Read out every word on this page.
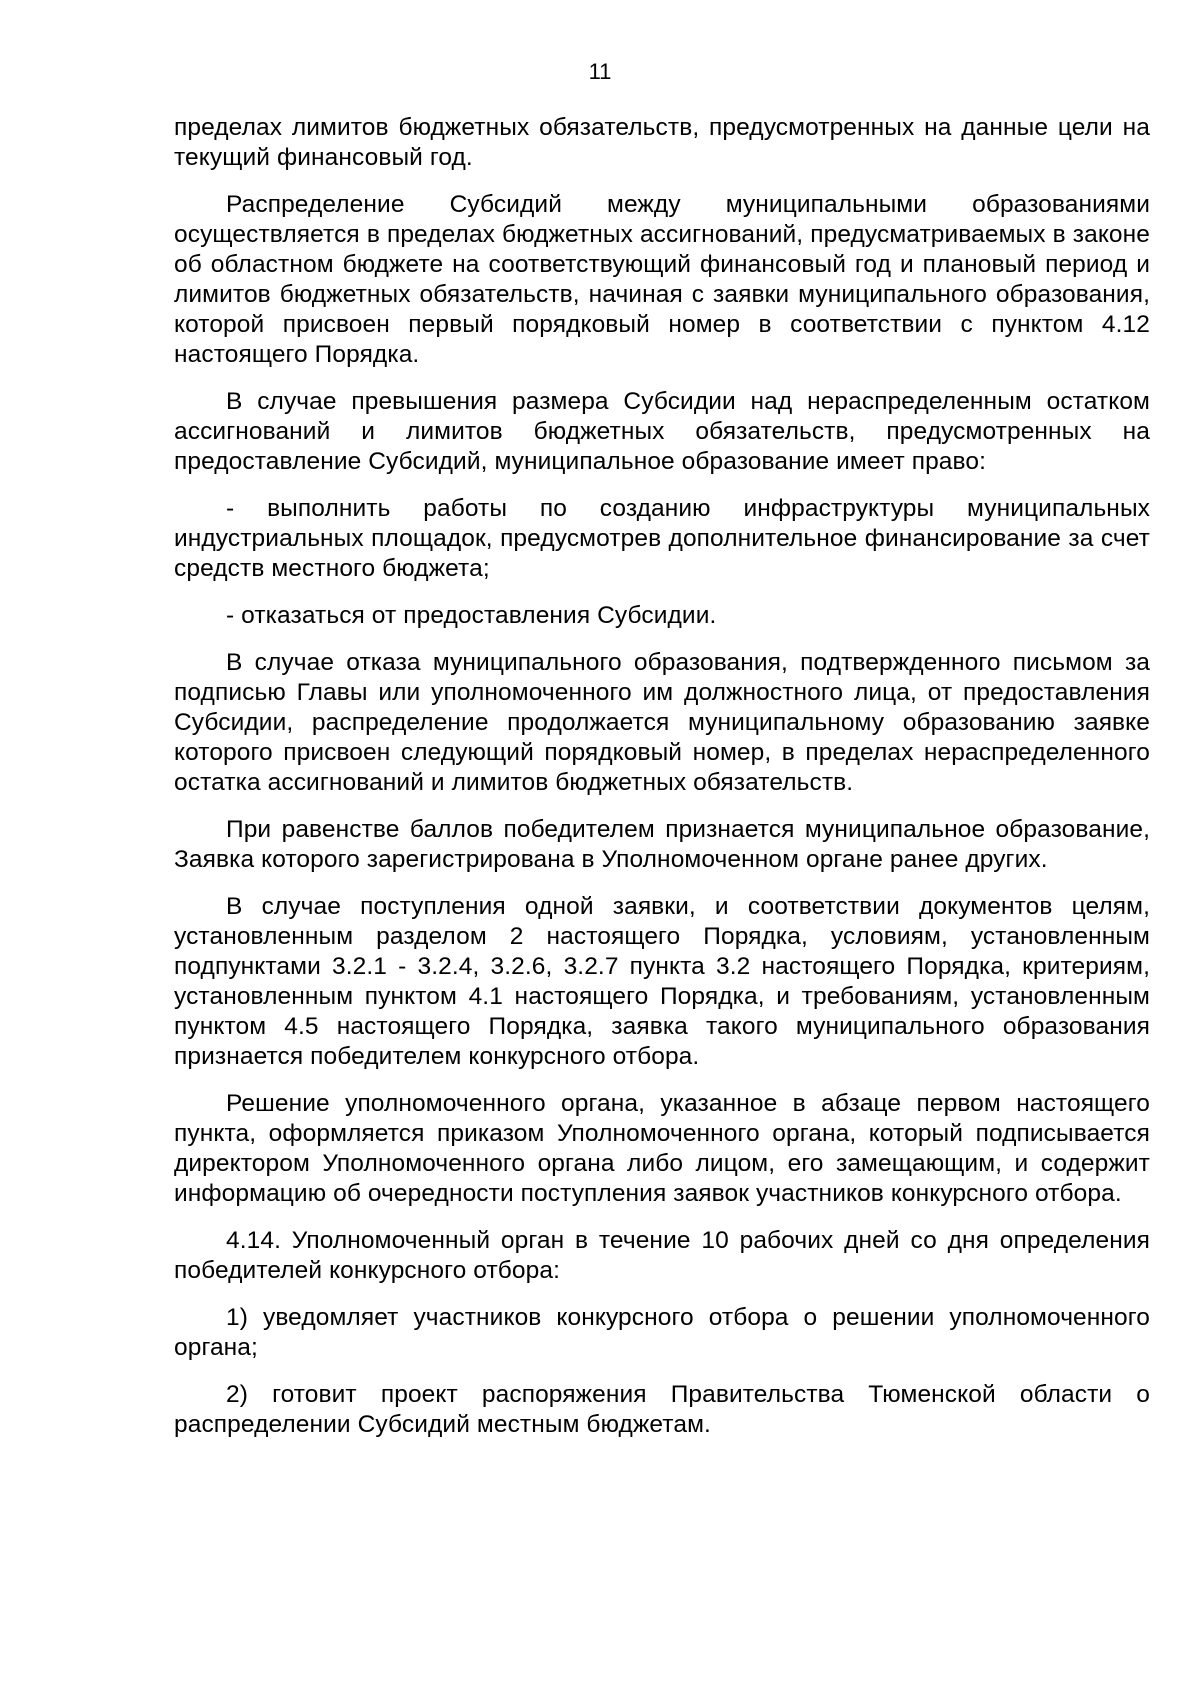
11

пределах лимитов бюджетных обязательств, предусмотренных на данные цели на текущий финансовый год.

Распределение Субсидий между муниципальными образованиями осуществляется в пределах бюджетных ассигнований, предусматриваемых в законе об областном бюджете на соответствующий финансовый год и плановый период и лимитов бюджетных обязательств, начиная с заявки муниципального образования, которой присвоен первый порядковый номер в соответствии с пунктом 4.12 настоящего Порядка.

В случае превышения размера Субсидии над нераспределенным остатком ассигнований и лимитов бюджетных обязательств, предусмотренных на предоставление Субсидий, муниципальное образование имеет право:

- выполнить работы по созданию инфраструктуры муниципальных индустриальных площадок, предусмотрев дополнительное финансирование за счет средств местного бюджета;

- отказаться от предоставления Субсидии.

В случае отказа муниципального образования, подтвержденного письмом за подписью Главы или уполномоченного им должностного лица, от предоставления Субсидии, распределение продолжается муниципальному образованию заявке которого присвоен следующий порядковый номер, в пределах нераспределенного остатка ассигнований и лимитов бюджетных обязательств.

При равенстве баллов победителем признается муниципальное образование, Заявка которого зарегистрирована в Уполномоченном органе ранее других.

В случае поступления одной заявки, и соответствии документов целям, установленным разделом 2 настоящего Порядка, условиям, установленным подпунктами 3.2.1 - 3.2.4, 3.2.6, 3.2.7 пункта 3.2 настоящего Порядка, критериям, установленным пунктом 4.1 настоящего Порядка, и требованиям, установленным пунктом 4.5 настоящего Порядка, заявка такого муниципального образования признается победителем конкурсного отбора.

Решение уполномоченного органа, указанное в абзаце первом настоящего пункта, оформляется приказом Уполномоченного органа, который подписывается директором Уполномоченного органа либо лицом, его замещающим, и содержит информацию об очередности поступления заявок участников конкурсного отбора.

4.14. Уполномоченный орган в течение 10 рабочих дней со дня определения победителей конкурсного отбора:

1) уведомляет участников конкурсного отбора о решении уполномоченного органа;

2) готовит проект распоряжения Правительства Тюменской области о распределении Субсидий местным бюджетам.
